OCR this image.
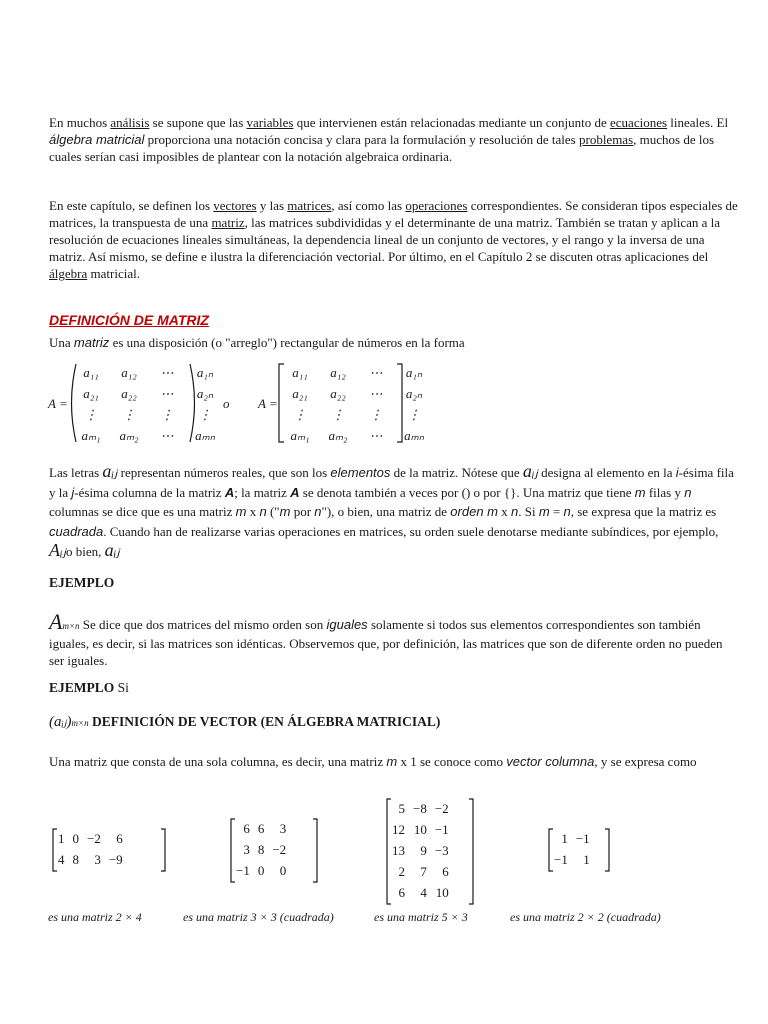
En muchos análisis se supone que las variables que intervienen están relacionadas mediante un conjunto de ecuaciones lineales. El álgebra matricial proporciona una notación concisa y clara para la formulación y resolución de tales problemas, muchos de los cuales serían casi imposibles de plantear con la notación algebraica ordinaria.
En este capítulo, se definen los vectores y las matrices, así como las operaciones correspondientes. Se consideran tipos especiales de matrices, la transpuesta de una matriz, las matrices subdivididas y el determinante de una matriz. También se tratan y aplican a la resolución de ecuaciones lineales simultáneas, la dependencia lineal de un conjunto de vectores, y el rango y la inversa de una matriz. Así mismo, se define e ilustra la diferenciación vectorial. Por último, en el Capítulo 2 se discuten otras aplicaciones del álgebra matricial.
DEFINICIÓN DE MATRIZ
Una matriz es una disposición (o "arreglo") rectangular de números en la forma
A =
a₁₁	a₁₂	⋯	a₁ₙ
a₂₁	a₂₂	⋯	a₂ₙ
⋮	⋮	⋮	⋮
aₘ₁	aₘ₂	⋯	aₘₙ
o A =
a₁₁	a₁₂	⋯	a₁ₙ
a₂₁	a₂₂	⋯	a₂ₙ
⋮	⋮	⋮	⋮
aₘ₁	aₘ₂	⋯	aₘₙ
Las letras aᵢⱼ representan números reales, que son los elementos de la matriz. Nótese que aᵢⱼ designa al elemento en la i-ésima fila y la j-ésima columna de la matriz A; la matriz A se denota también a veces por () o por {}. Una matriz que tiene m filas y n columnas se dice que es una matriz m x n ("m por n"), o bien, una matriz de orden m x n. Si m = n, se expresa que la matriz es cuadrada. Cuando han de realizarse varias operaciones en matrices, su orden suele denotarse mediante subíndices, por ejemplo, Aᵢⱼo bien, aᵢⱼ
EJEMPLO
Am×n Se dice que dos matrices del mismo orden son iguales solamente si todos sus elementos correspondientes son también iguales, es decir, si las matrices son idénticas. Observemos que, por definición, las matrices que son de diferente orden no pueden ser iguales.
EJEMPLO Si
(aᵢⱼ)m×n DEFINICIÓN DE VECTOR (EN ÁLGEBRA MATRICIAL)
Una matriz que consta de una sola columna, es decir, una matriz m x 1 se conoce como vector columna, y se expresa como
1	0	−2	6
4	8	3	−9
6	6	3
3	8	−2
−1	0	0
5	−8	−2
12	10	−1
13	9	−3
2	7	6
6	4	10
1	−1
−1	1
es una matriz 2 × 4	es una matriz 3 × 3 (cuadrada)	es una matriz 5 × 3	es una matriz 2 × 2 (cuadrada)
